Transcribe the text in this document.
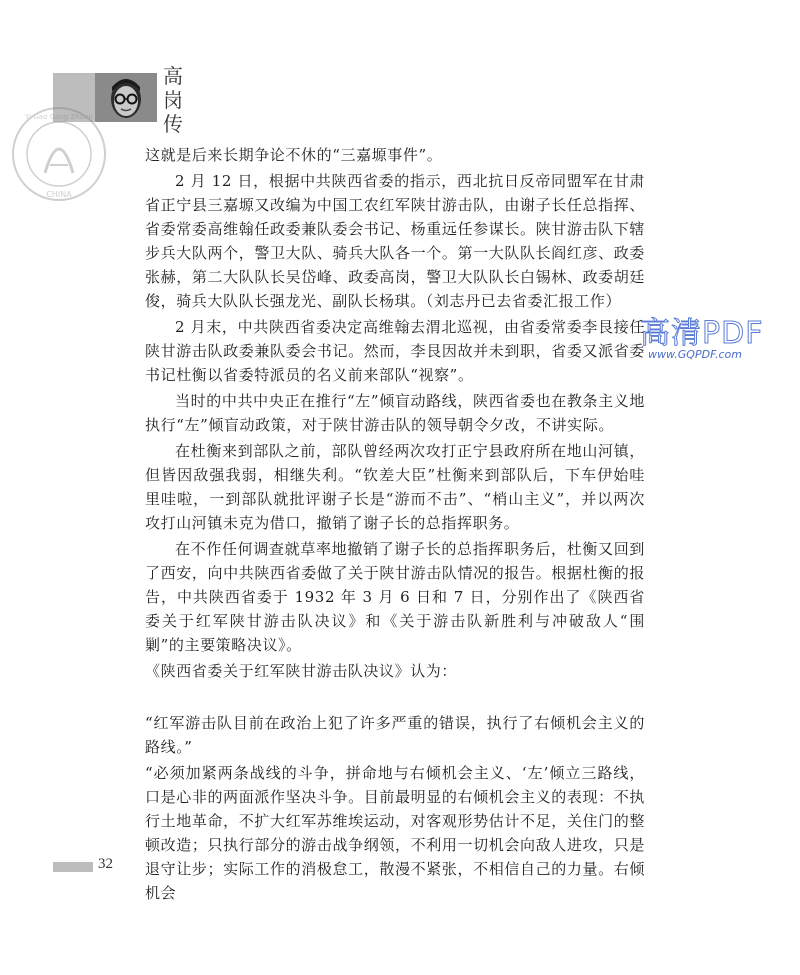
高岗传
Yi Gao Gang Zhuan
CHINA

这就是后来长期争论不休的“三嘉塬事件”。

2 月 12 日，根据中共陕西省委的指示，西北抗日反帝同盟军在甘肃省正宁县三嘉塬又改编为中国工农红军陕甘游击队，由谢子长任总指挥、省委常委高维翰任政委兼队委会书记、杨重远任参谋长。陕甘游击队下辖步兵大队两个，警卫大队、骑兵大队各一个。第一大队队长阎红彦、政委张赫，第二大队队长吴岱峰、政委高岗，警卫大队队长白锡林、政委胡廷俊，骑兵大队队长强龙光、副队长杨琪。（刘志丹已去省委汇报工作）

2 月末，中共陕西省委决定高维翰去渭北巡视，由省委常委李艮接任陕甘游击队政委兼队委会书记。然而，李艮因故并未到职，省委又派省委书记杜衡以省委特派员的名义前来部队“视察”。

当时的中共中央正在推行“左”倾盲动路线，陕西省委也在教条主义地执行“左”倾盲动政策，对于陕甘游击队的领导朝令夕改，不讲实际。

在杜衡来到部队之前，部队曾经两次攻打正宁县政府所在地山河镇，但皆因敌强我弱，相继失利。“钦差大臣”杜衡来到部队后，下车伊始哇里哇啦，一到部队就批评谢子长是“游而不击”、“梢山主义”，并以两次攻打山河镇未克为借口，撤销了谢子长的总指挥职务。

在不作任何调查就草率地撤销了谢子长的总指挥职务后，杜衡又回到了西安，向中共陕西省委做了关于陕甘游击队情况的报告。根据杜衡的报告，中共陕西省委于 1932 年 3 月 6 日和 7 日，分别作出了《陕西省委关于红军陕甘游击队决议》和《关于游击队新胜利与冲破敌人“围剿”的主要策略决议》。

《陕西省委关于红军陕甘游击队决议》认为：

“红军游击队目前在政治上犯了许多严重的错误，执行了右倾机会主义的路线。”

“必须加紧两条战线的斗争，拼命地与右倾机会主义、‘左’倾立三路线，口是心非的两面派作坚决斗争。目前最明显的右倾机会主义的表现：不执行土地革命，不扩大红军苏维埃运动，对客观形势估计不足，关住门的整顿改造；只执行部分的游击战争纲领，不利用一切机会向敌人进攻，只是退守让步；实际工作的消极怠工，散漫不紧张，不相信自己的力量。右倾机会

高清PDF
www.GQPDF.com
32
